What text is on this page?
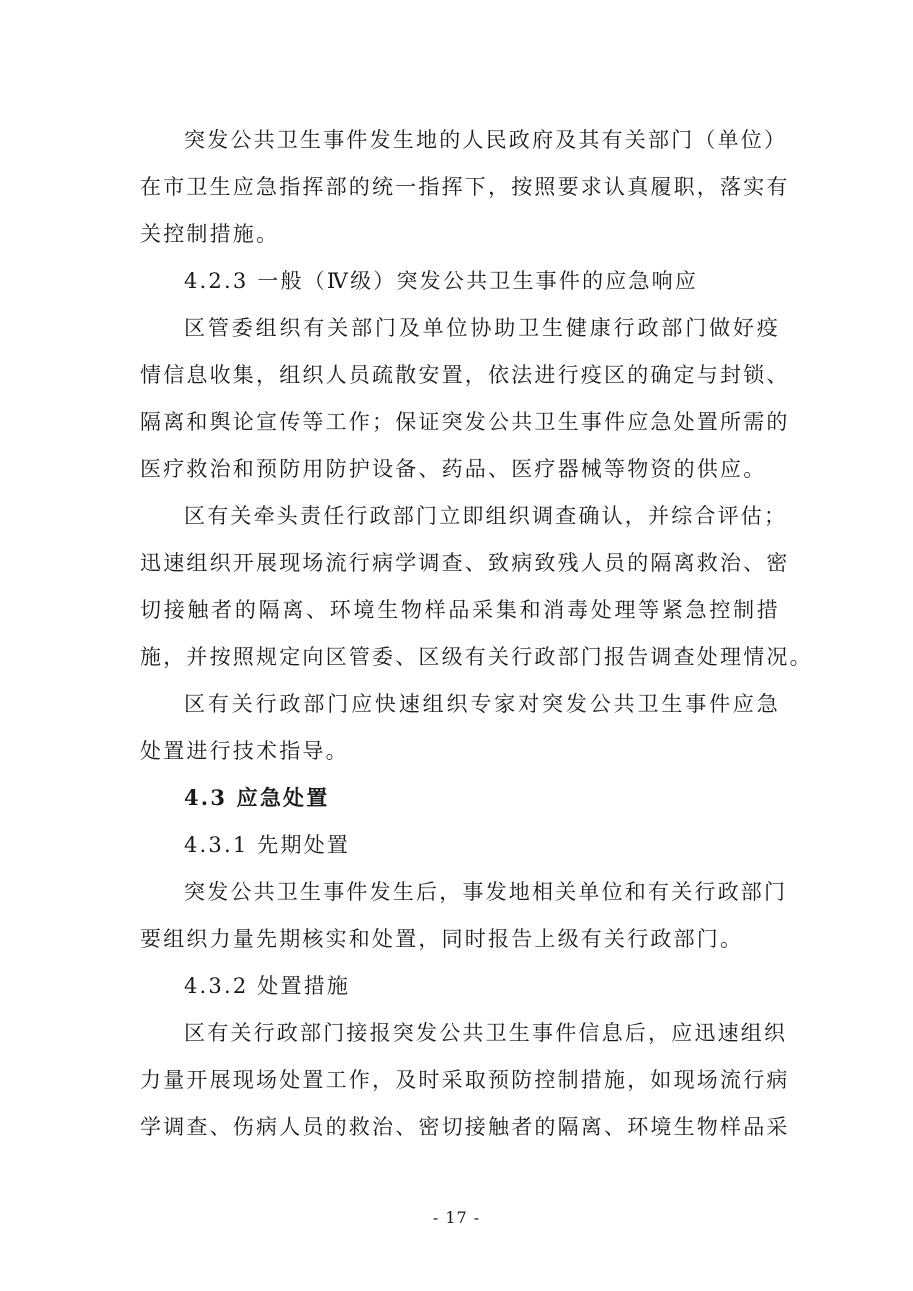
突发公共卫生事件发生地的人民政府及其有关部门（单位）
在市卫生应急指挥部的统一指挥下，按照要求认真履职，落实有
关控制措施。
4.2.3 一般（Ⅳ级）突发公共卫生事件的应急响应
区管委组织有关部门及单位协助卫生健康行政部门做好疫
情信息收集，组织人员疏散安置，依法进行疫区的确定与封锁、
隔离和舆论宣传等工作；保证突发公共卫生事件应急处置所需的
医疗救治和预防用防护设备、药品、医疗器械等物资的供应。
区有关牵头责任行政部门立即组织调查确认，并综合评估；
迅速组织开展现场流行病学调查、致病致残人员的隔离救治、密
切接触者的隔离、环境生物样品采集和消毒处理等紧急控制措
施，并按照规定向区管委、区级有关行政部门报告调查处理情况。
区有关行政部门应快速组织专家对突发公共卫生事件应急
处置进行技术指导。
4.3 应急处置
4.3.1 先期处置
突发公共卫生事件发生后，事发地相关单位和有关行政部门
要组织力量先期核实和处置，同时报告上级有关行政部门。
4.3.2 处置措施
区有关行政部门接报突发公共卫生事件信息后，应迅速组织
力量开展现场处置工作，及时采取预防控制措施，如现场流行病
学调查、伤病人员的救治、密切接触者的隔离、环境生物样品采
- 17 -
